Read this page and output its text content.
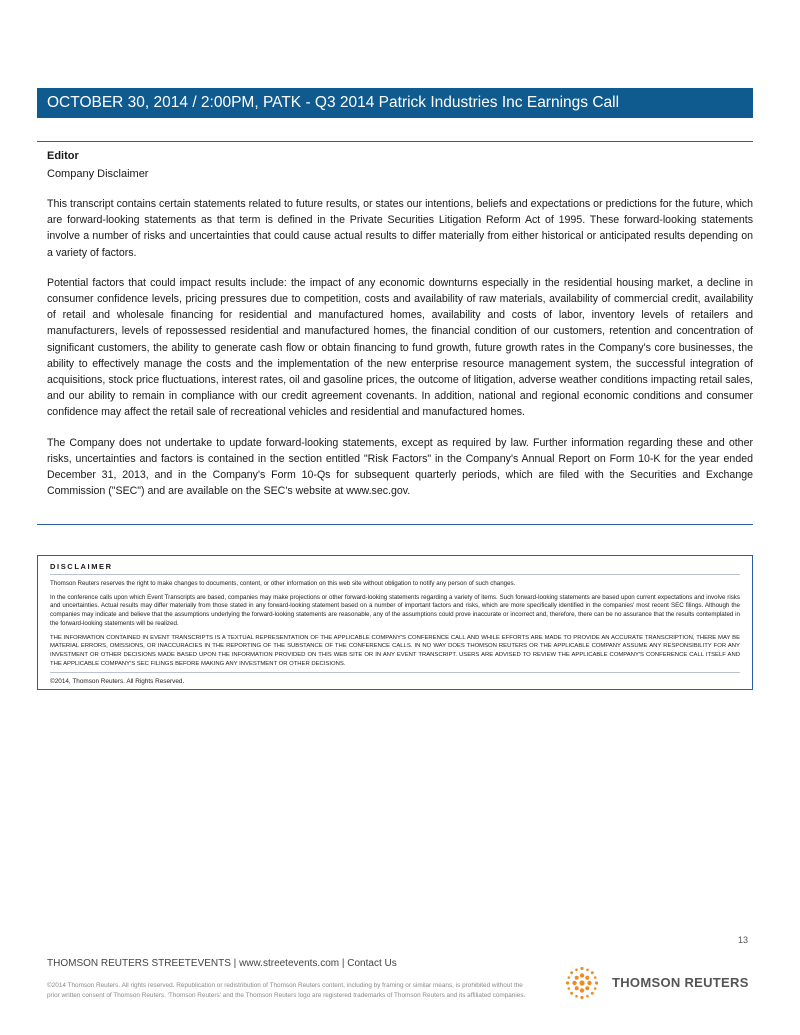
OCTOBER 30, 2014 / 2:00PM, PATK - Q3 2014 Patrick Industries Inc Earnings Call

Editor

Company Disclaimer

This transcript contains certain statements related to future results, or states our intentions, beliefs and expectations or predictions for the future, which are forward-looking statements as that term is defined in the Private Securities Litigation Reform Act of 1995. These forward-looking statements involve a number of risks and uncertainties that could cause actual results to differ materially from either historical or anticipated results depending on a variety of factors.

Potential factors that could impact results include: the impact of any economic downturns especially in the residential housing market, a decline in consumer confidence levels, pricing pressures due to competition, costs and availability of raw materials, availability of commercial credit, availability of retail and wholesale financing for residential and manufactured homes, availability and costs of labor, inventory levels of retailers and manufacturers, levels of repossessed residential and manufactured homes, the financial condition of our customers, retention and concentration of significant customers, the ability to generate cash flow or obtain financing to fund growth, future growth rates in the Company's core businesses, the ability to effectively manage the costs and the implementation of the new enterprise resource management system, the successful integration of acquisitions, stock price fluctuations, interest rates, oil and gasoline prices, the outcome of litigation, adverse weather conditions impacting retail sales, and our ability to remain in compliance with our credit agreement covenants. In addition, national and regional economic conditions and consumer confidence may affect the retail sale of recreational vehicles and residential and manufactured homes.

The Company does not undertake to update forward-looking statements, except as required by law. Further information regarding these and other risks, uncertainties and factors is contained in the section entitled "Risk Factors" in the Company's Annual Report on Form 10-K for the year ended December 31, 2013, and in the Company's Form 10-Qs for subsequent quarterly periods, which are filed with the Securities and Exchange Commission ("SEC") and are available on the SEC's website at www.sec.gov.

DISCLAIMER

Thomson Reuters reserves the right to make changes to documents, content, or other information on this web site without obligation to notify any person of such changes.

In the conference calls upon which Event Transcripts are based, companies may make projections or other forward-looking statements regarding a variety of items. Such forward-looking statements are based upon current expectations and involve risks and uncertainties. Actual results may differ materially from those stated in any forward-looking statement based on a number of important factors and risks, which are more specifically identified in the companies' most recent SEC filings. Although the companies may indicate and believe that the assumptions underlying the forward-looking statements are reasonable, any of the assumptions could prove inaccurate or incorrect and, therefore, there can be no assurance that the results contemplated in the forward-looking statements will be realized.

THE INFORMATION CONTAINED IN EVENT TRANSCRIPTS IS A TEXTUAL REPRESENTATION OF THE APPLICABLE COMPANY'S CONFERENCE CALL AND WHILE EFFORTS ARE MADE TO PROVIDE AN ACCURATE TRANSCRIPTION, THERE MAY BE MATERIAL ERRORS, OMISSIONS, OR INACCURACIES IN THE REPORTING OF THE SUBSTANCE OF THE CONFERENCE CALLS. IN NO WAY DOES THOMSON REUTERS OR THE APPLICABLE COMPANY ASSUME ANY RESPONSIBILITY FOR ANY INVESTMENT OR OTHER DECISIONS MADE BASED UPON THE INFORMATION PROVIDED ON THIS WEB SITE OR IN ANY EVENT TRANSCRIPT. USERS ARE ADVISED TO REVIEW THE APPLICABLE COMPANY'S CONFERENCE CALL ITSELF AND THE APPLICABLE COMPANY'S SEC FILINGS BEFORE MAKING ANY INVESTMENT OR OTHER DECISIONS.

©2014, Thomson Reuters. All Rights Reserved.

13
THOMSON REUTERS STREETEVENTS | www.streetevents.com | Contact Us
©2014 Thomson Reuters. All rights reserved. Republication or redistribution of Thomson Reuters content, including by framing or similar means, is prohibited without the prior written consent of Thomson Reuters. 'Thomson Reuters' and the Thomson Reuters logo are registered trademarks of Thomson Reuters and its affiliated companies.
THOMSON REUTERS
